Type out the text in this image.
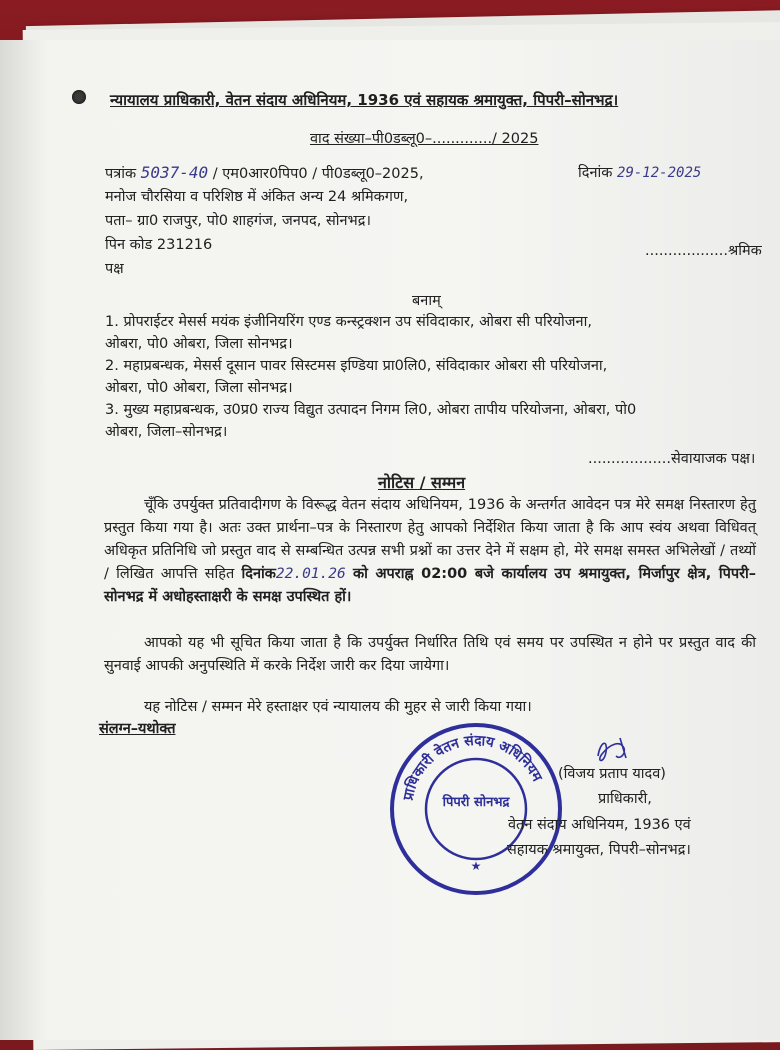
न्यायालय प्राधिकारी, वेतन संदाय अधिनियम, 1936 एवं सहायक श्रमायुक्त, पिपरी–सोनभद्र।
वाद संख्या–पी0डब्लू0–............./ 2025
पत्रांक 5037-40 / एम0आर0पिप0 / पी0डब्लू0–2025,	दिनांक 29-12-2025
मनोज चौरसिया व परिशिष्ठ में अंकित अन्य 24 श्रमिकगण,
पता– ग्रा0 राजपुर, पो0 शाहगंज, जनपद, सोनभद्र।
पिन कोड 231216	..................श्रमिक
पक्ष
बनाम्
1. प्रोपराईटर मेसर्स मयंक इंजीनियरिंग एण्ड कन्स्ट्रक्शन उप संविदाकार, ओबरा सी परियोजना,
ओबरा, पो0 ओबरा, जिला सोनभद्र।
2. महाप्रबन्धक, मेसर्स दूसान पावर सिस्टमस इण्डिया प्रा0लि0, संविदाकार ओबरा सी परियोजना,
ओबरा, पो0 ओबरा, जिला सोनभद्र।
3. मुख्य महाप्रबन्धक, उ0प्र0 राज्य विद्युत उत्पादन निगम लि0, ओबरा तापीय परियोजना, ओबरा, पो0
ओबरा, जिला–सोनभद्र।
..................सेवायाजक पक्ष।
नोटिस / सम्मन
चूँकि उपर्युक्त प्रतिवादीगण के विरूद्ध वेतन संदाय अधिनियम, 1936 के अन्तर्गत आवेदन पत्र मेरे समक्ष निस्तारण हेतु प्रस्तुत किया गया है। अतः उक्त प्रार्थना–पत्र के निस्तारण हेतु आपको निर्देशित किया जाता है कि आप स्वंय अथवा विधिवत् अधिकृत प्रतिनिधि जो प्रस्तुत वाद से सम्बन्धित उत्पन्न सभी प्रश्नों का उत्तर देने में सक्षम हो, मेरे समक्ष समस्त अभिलेखों / तथ्यों / लिखित आपत्ति सहित दिनांक22.01.26 को अपराह्न 02:00 बजे कार्यालय उप श्रमायुक्त, मिर्जापुर क्षेत्र, पिपरी–सोनभद्र में अधोहस्ताक्षरी के समक्ष उपस्थित हों।
आपको यह भी सूचित किया जाता है कि उपर्युक्त निर्धारित तिथि एवं समय पर उपस्थित न होने पर प्रस्तुत वाद की सुनवाई आपकी अनुपस्थिति में करके निर्देश जारी कर दिया जायेगा।
यह नोटिस / सम्मन मेरे हस्ताक्षर एवं न्यायालय की मुहर से जारी किया गया।
संलग्न–यथोक्त
प्राधिकारी वेतन संदाय अधिनियम
पिपरी सोनभद्र
★
(विजय प्रताप यादव)
प्राधिकारी,
वेतन संदाय अधिनियम, 1936 एवं
सहायक श्रमायुक्त, पिपरी–सोनभद्र।
